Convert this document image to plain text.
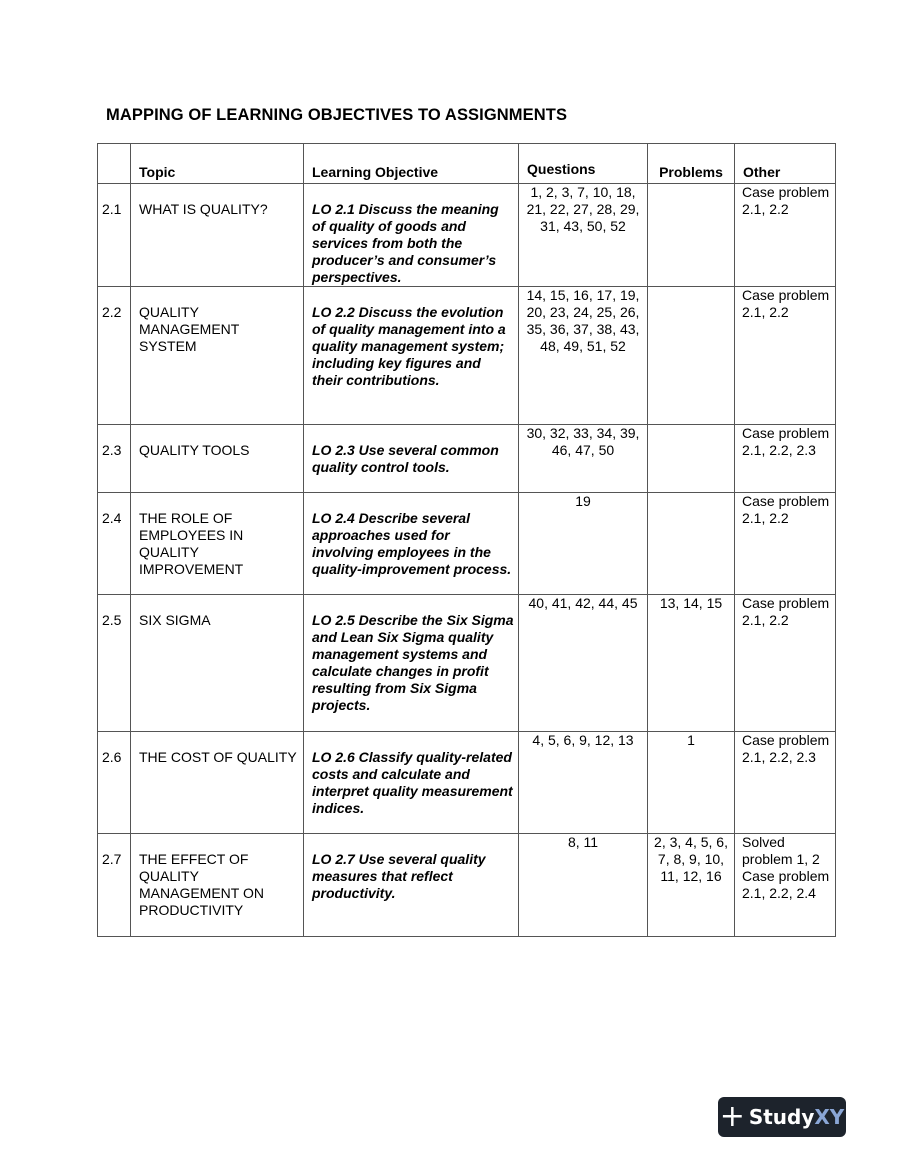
MAPPING OF LEARNING OBJECTIVES TO ASSIGNMENTS
	Topic	Learning Objective	Questions	Problems	Other
2.1	WHAT IS QUALITY?	LO 2.1 Discuss the meaning of quality of goods and services from both the producer’s and consumer’s perspectives.	1, 2, 3, 7, 10, 18, 21, 22, 27, 28, 29, 31, 43, 50, 52		Case problem 2.1, 2.2
2.2	QUALITY MANAGEMENT SYSTEM	LO 2.2 Discuss the evolution of quality management into a quality management system; including key figures and their contributions.	14, 15, 16, 17, 19, 20, 23, 24, 25, 26, 35, 36, 37, 38, 43, 48, 49, 51, 52		Case problem 2.1, 2.2
2.3	QUALITY TOOLS	LO 2.3 Use several common quality control tools.	30, 32, 33, 34, 39, 46, 47, 50		Case problem 2.1, 2.2, 2.3
2.4	THE ROLE OF EMPLOYEES IN QUALITY IMPROVEMENT	LO 2.4 Describe several approaches used for involving employees in the quality-improvement process.	19		Case problem 2.1, 2.2
2.5	SIX SIGMA	LO 2.5 Describe the Six Sigma and Lean Six Sigma quality management systems and calculate changes in profit resulting from Six Sigma projects.	40, 41, 42, 44, 45	13, 14, 15	Case problem 2.1, 2.2
2.6	THE COST OF QUALITY	LO 2.6 Classify quality-related costs and calculate and interpret quality measurement indices.	4, 5, 6, 9, 12, 13	1	Case problem 2.1, 2.2, 2.3
2.7	THE EFFECT OF QUALITY MANAGEMENT ON PRODUCTIVITY	LO 2.7 Use several quality measures that reflect productivity.	8, 11	2, 3, 4, 5, 6, 7, 8, 9, 10, 11, 12, 16	Solved problem 1, 2 Case problem 2.1, 2.2, 2.4
+ Study XY
